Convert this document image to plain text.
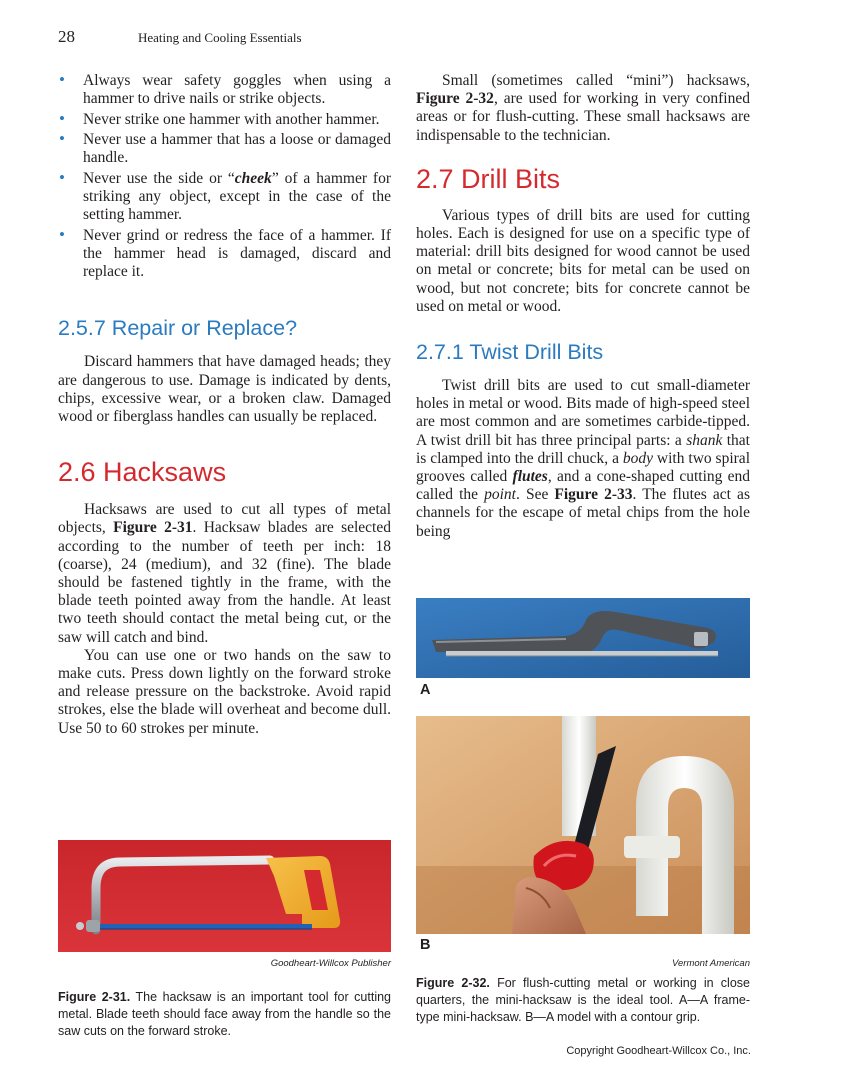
28	Heating and Cooling Essentials
• Always wear safety goggles when using a hammer to drive nails or strike objects.
• Never strike one hammer with another hammer.
• Never use a hammer that has a loose or damaged handle.
• Never use the side or “cheek” of a hammer for striking any object, except in the case of the setting hammer.
• Never grind or redress the face of a hammer. If the hammer head is damaged, discard and replace it.
2.5.7 Repair or Replace?

Discard hammers that have damaged heads; they are dangerous to use. Damage is indicated by dents, chips, excessive wear, or a broken claw. Damaged wood or fiberglass handles can usually be replaced.

2.6 Hacksaws

Hacksaws are used to cut all types of metal objects, Figure 2-31. Hacksaw blades are selected according to the number of teeth per inch: 18 (coarse), 24 (medium), and 32 (fine). The blade should be fastened tightly in the frame, with the blade teeth pointed away from the handle. At least two teeth should contact the metal being cut, or the saw will catch and bind.

You can use one or two hands on the saw to make cuts. Press down lightly on the forward stroke and release pressure on the backstroke. Avoid rapid strokes, else the blade will overheat and become dull. Use 50 to 60 strokes per minute.

Goodheart-Willcox Publisher
Figure 2-31. The hacksaw is an important tool for cutting metal. Blade teeth should face away from the handle so the saw cuts on the forward stroke.

Small (sometimes called “mini”) hacksaws, Figure 2-32, are used for working in very confined areas or for flush-cutting. These small hacksaws are indispensable to the technician.

2.7 Drill Bits

Various types of drill bits are used for cutting holes. Each is designed for use on a specific type of material: drill bits designed for wood cannot be used on metal or concrete; bits for metal can be used on wood, but not concrete; bits for concrete cannot be used on metal or wood.

2.7.1 Twist Drill Bits

Twist drill bits are used to cut small-diameter holes in metal or wood. Bits made of high-speed steel are most common and are sometimes carbide-tipped. A twist drill bit has three principal parts: a shank that is clamped into the drill chuck, a body with two spiral grooves called flutes, and a cone-shaped cutting end called the point. See Figure 2-33. The flutes act as channels for the escape of metal chips from the hole being

A
B
Vermont American
Figure 2-32. For flush-cutting metal or working in close quarters, the mini-hacksaw is the ideal tool. A—A frame-type mini-hacksaw. B—A model with a contour grip.
Copyright Goodheart-Willcox Co., Inc.
